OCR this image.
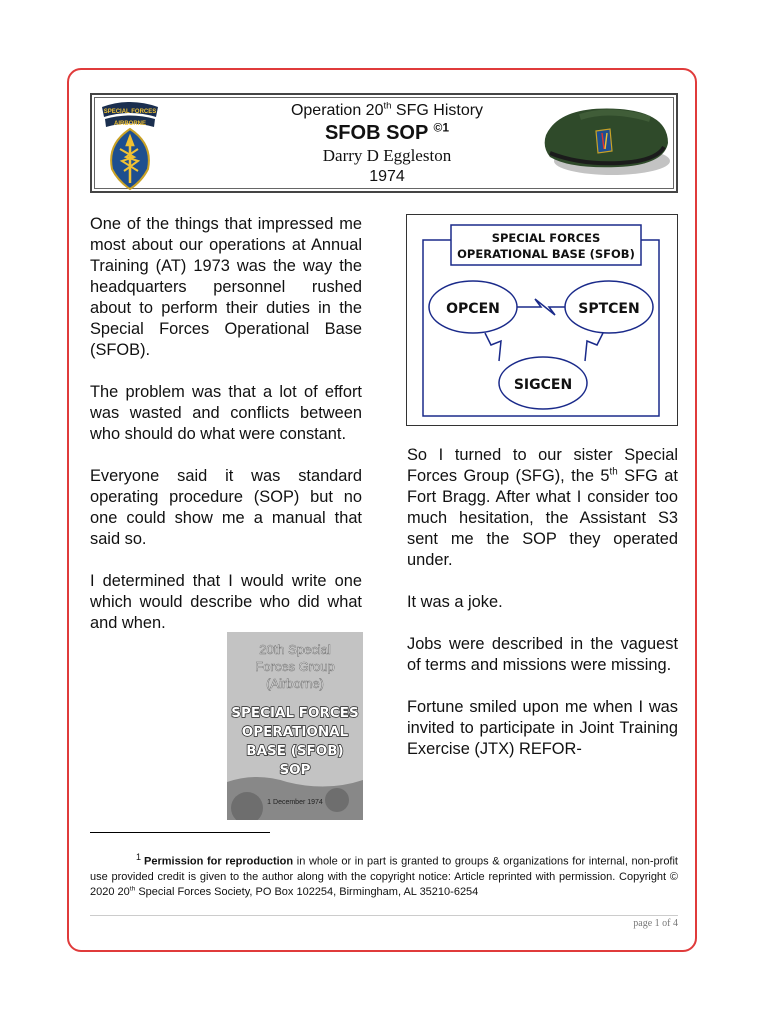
SPECIAL FORCES
AIRBORNE
Operation 20th SFG History
SFOB SOP $^{©1}$
Darry D Eggleston
1974

One of the things that impressed me most about our operations at Annual Training (AT) 1973 was the way the headquarters personnel rushed about to perform their duties in the Special Forces Operational Base (SFOB).

The problem was that a lot of effort was wasted and conflicts between who should do what were constant.

Everyone said it was standard operating procedure (SOP) but no one could show me a manual that said so.

I determined that I would write one which would describe who did what and when.

SPECIAL FORCES
OPERATIONAL BASE (SFOB)
OPCEN	SPTCEN
SIGCEN
20th Special
Forces Group
(Airborne)
SPECIAL FORCES
OPERATIONAL
BASE (SFOB)
SOP
1 December 1974

So I turned to our sister Special Forces Group (SFG), the 5th SFG at Fort Bragg. After what I consider too much hesitation, the Assistant S3 sent me the SOP they operated under.

It was a joke.

Jobs were described in the vaguest of terms and missions were missing.

Fortune smiled upon me when I was invited to participate in Joint Training Exercise (JTX) REFOR-

$^1$ Permission for reproduction in whole or in part is granted to groups & organizations for internal, non-profit use provided credit is given to the author along with the copyright notice: Article reprinted with permission. Copyright © 2020 20th Special Forces Society, PO Box 102254, Birmingham, AL 35210-6254
page 1 of 4
